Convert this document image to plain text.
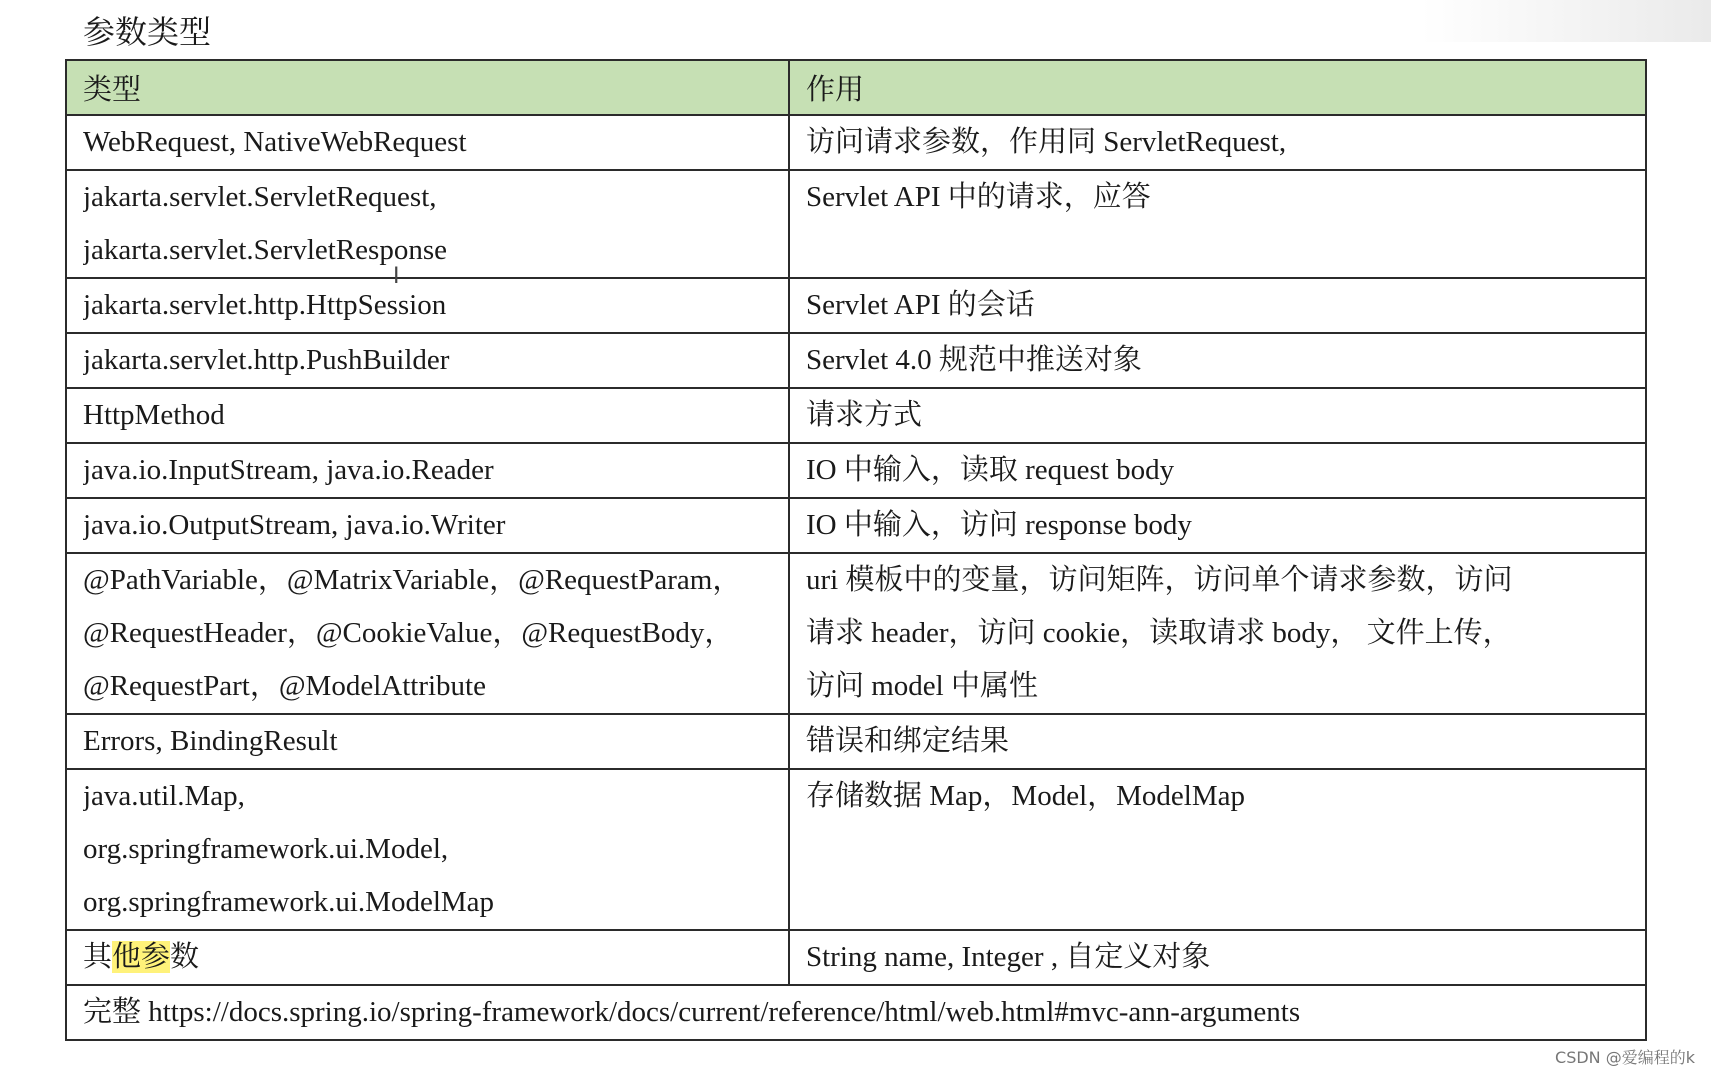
参数类型
类型	作用

WebRequest, NativeWebRequest	访问请求参数，作用同 ServletRequest,

jakarta.servlet.ServletRequest,
jakarta.servlet.ServletResponse	Servlet API 中的请求，应答

jakarta.servlet.http.HttpSession	Servlet API 的会话

jakarta.servlet.http.PushBuilder	Servlet 4.0 规范中推送对象

HttpMethod	请求方式

java.io.InputStream, java.io.Reader	IO 中输入，读取 request body

java.io.OutputStream, java.io.Writer	IO 中输入，访问 response body

@PathVariable，@MatrixVariable，@RequestParam，
@RequestHeader，@CookieValue，@RequestBody，
@RequestPart，@ModelAttribute	uri 模板中的变量，访问矩阵，访问单个请求参数，访问
请求 header，访问 cookie，读取请求 body， 文件上传，
访问 model 中属性

Errors, BindingResult	错误和绑定结果

java.util.Map,
org.springframework.ui.Model,
org.springframework.ui.ModelMap	存储数据 Map，Model，ModelMap

其他参数	String name, Integer , 自定义对象

完整 https://docs.spring.io/spring-framework/docs/current/reference/html/web.html#mvc-ann-arguments	
I
CSDN @爱编程的k
